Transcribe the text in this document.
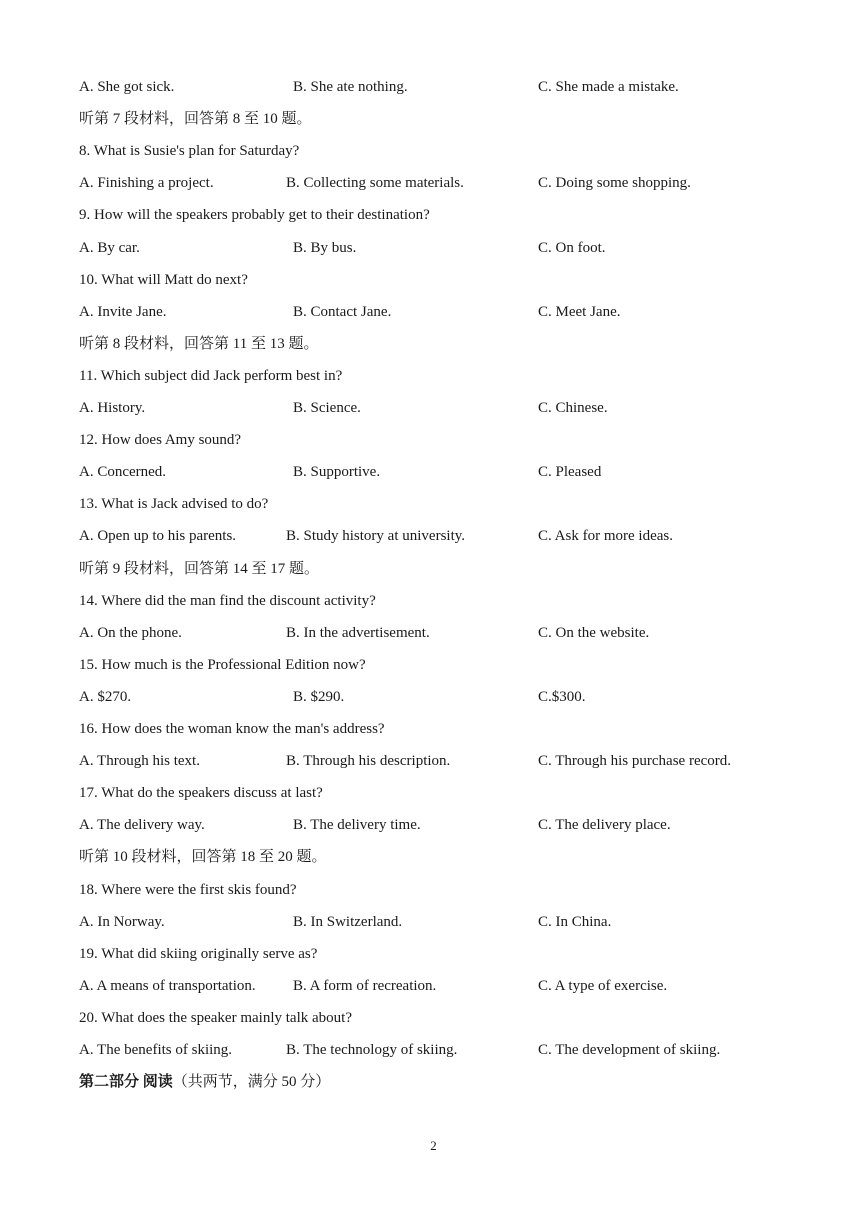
A. She got sick.	B. She ate nothing.	C. She made a mistake.
听第 7 段材料，回答第 8 至 10 题。
8. What is Susie's plan for Saturday?
A. Finishing a project.	B. Collecting some materials.	C. Doing some shopping.
9. How will the speakers probably get to their destination?
A. By car.	B. By bus.	C. On foot.
10. What will Matt do next?
A. Invite Jane.	B. Contact Jane.	C. Meet Jane.
听第 8 段材料，回答第 11 至 13 题。
11. Which subject did Jack perform best in?
A. History.	B. Science.	C. Chinese.
12. How does Amy sound?
A. Concerned.	B. Supportive.	C. Pleased
13. What is Jack advised to do?
A. Open up to his parents.	B. Study history at university.	C. Ask for more ideas.
听第 9 段材料，回答第 14 至 17 题。
14. Where did the man find the discount activity?
A. On the phone.	B. In the advertisement.	C. On the website.
15. How much is the Professional Edition now?
A. $270.	B. $290.	C.$300.
16. How does the woman know the man's address?
A. Through his text.	B. Through his description.	C. Through his purchase record.
17. What do the speakers discuss at last?
A. The delivery way.	B. The delivery time.	C. The delivery place.
听第 10 段材料，回答第 18 至 20 题。
18. Where were the first skis found?
A. In Norway.	B. In Switzerland.	C. In China.
19. What did skiing originally serve as?
A. A means of transportation. B. A form of recreation.	C. A type of exercise.
20. What does the speaker mainly talk about?
A. The benefits of skiing.	B. The technology of skiing.	C. The development of skiing.
第二部分 阅读（共两节，满分 50 分）
2
